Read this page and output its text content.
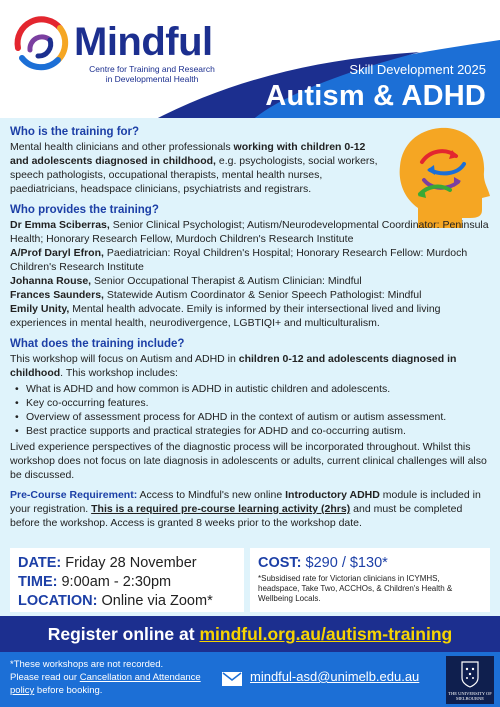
Mindful
Centre for Training and Research
in Developmental Health
Skill Development 2025
Autism & ADHD
Who is the training for?
Mental health clinicians and other professionals working with children 0-12 and adolescents diagnosed in childhood, e.g. psychologists, social workers, speech pathologists, occupational therapists, mental health nurses, paediatricians, headspace clinicians, psychiatrists and registrars.
Who provides the training?
Dr Emma Sciberras, Senior Clinical Psychologist; Autism/Neurodevelopmental Coordinator: Peninsula Health; Honorary Research Fellow, Murdoch Children's Research Institute
A/Prof Daryl Efron, Paediatrician: Royal Children's Hospital; Honorary Research Fellow: Murdoch Children's Research Institute
Johanna Rouse, Senior Occupational Therapist & Autism Clinician: Mindful
Frances Saunders, Statewide Autism Coordinator & Senior Speech Pathologist: Mindful
Emily Unity, Mental health advocate. Emily is informed by their intersectional lived and living experiences in mental health, neurodivergence, LGBTIQI+ and multiculturalism.
What does the training include?
This workshop will focus on Autism and ADHD in children 0-12 and adolescents diagnosed in childhood. This workshop includes:
• What is ADHD and how common is ADHD in autistic children and adolescents.
• Key co-occurring features.
• Overview of assessment process for ADHD in the context of autism or autism assessment.
• Best practice supports and practical strategies for ADHD and co-occurring autism.
Lived experience perspectives of the diagnostic process will be incorporated throughout. Whilst this workshop does not focus on late diagnosis in adolescents or adults, current clinical challenges will also be discussed.
Pre-Course Requirement: Access to Mindful's new online Introductory ADHD module is included in your registration. This is a required pre-course learning activity (2hrs) and must be completed before the workshop. Access is granted 8 weeks prior to the workshop date.
DATE: Friday 28 November
TIME: 9:00am - 2:30pm
LOCATION: Online via Zoom*
COST: $290 / $130*
*Subsidised rate for Victorian clinicians in ICYMHS, headspace, Take Two, ACCHOs, & Children's Health & Wellbeing Locals.
Register online at mindful.org.au/autism-training
*These workshops are not recorded.
Please read our Cancellation and Attendance policy before booking.
mindful-asd@unimelb.edu.au
THE UNIVERSITY OF
MELBOURNE
